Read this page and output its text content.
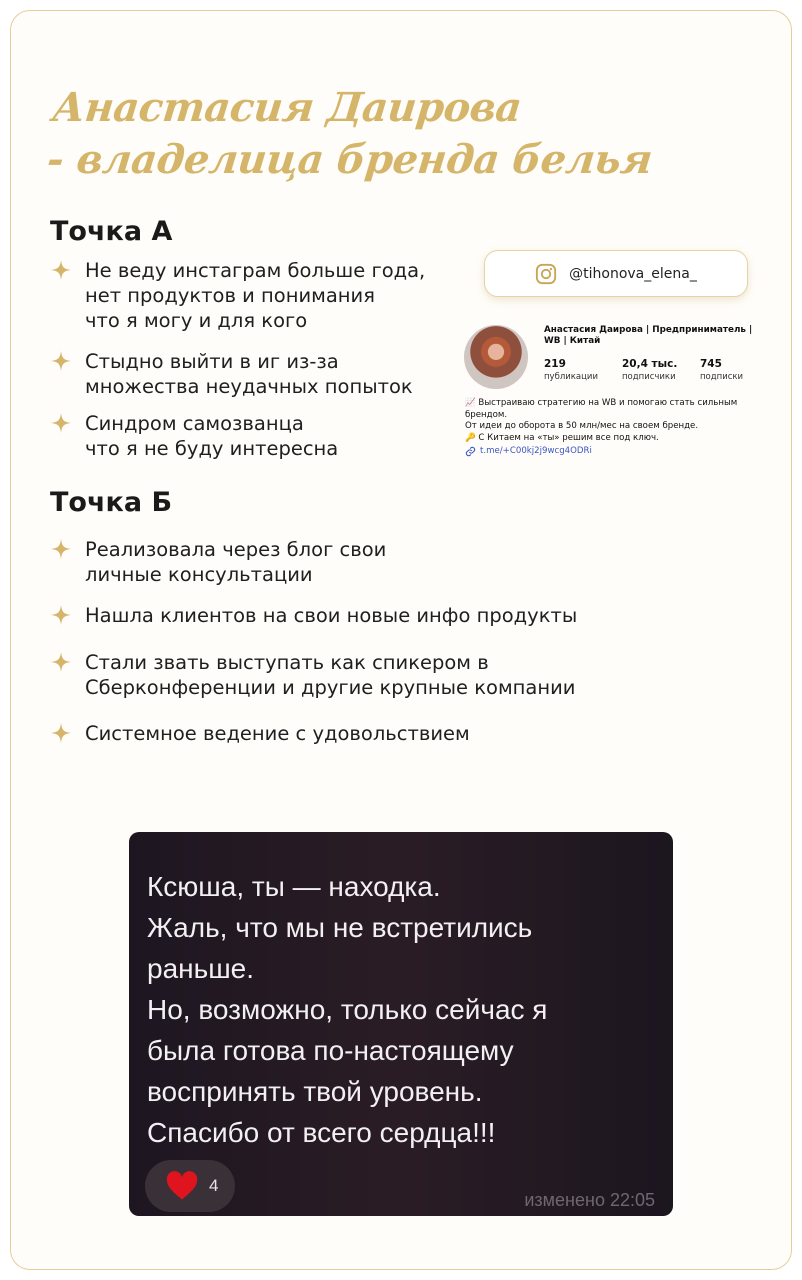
Анастасия Даирова
- владелица бренда белья
Точка А
Не веду инстаграм больше года,
нет продуктов и понимания
что я могу и для кого
Стыдно выйти в иг из-за
множества неудачных попыток
Синдром самозванца
что я не буду интересна
@tihonova_elena_
Анастасия Даирова | Предприниматель | WB | Китай
219
публикации
20,4 тыс.
подписчики
745
подписки
📈 Выстраиваю стратегию на WB и помогаю стать сильным брендом.
От идеи до оборота в 50 млн/мес на своем бренде.
🔑 С Китаем на «ты» решим все под ключ.
t.me/+C00kj2j9wcg4ODRi
Точка Б
Реализовала через блог свои
личные консультации
Нашла клиентов на свои новые инфо продукты
Стали звать выступать как спикером в
Сберконференции и другие крупные компании
Системное ведение с удовольствием
Ксюша, ты — находка.
Жаль, что мы не встретились
раньше.
Но, возможно, только сейчас я
была готова по-настоящему
воспринять твой уровень.
Спасибо от всего сердца!!!
4
изменено 22:05
